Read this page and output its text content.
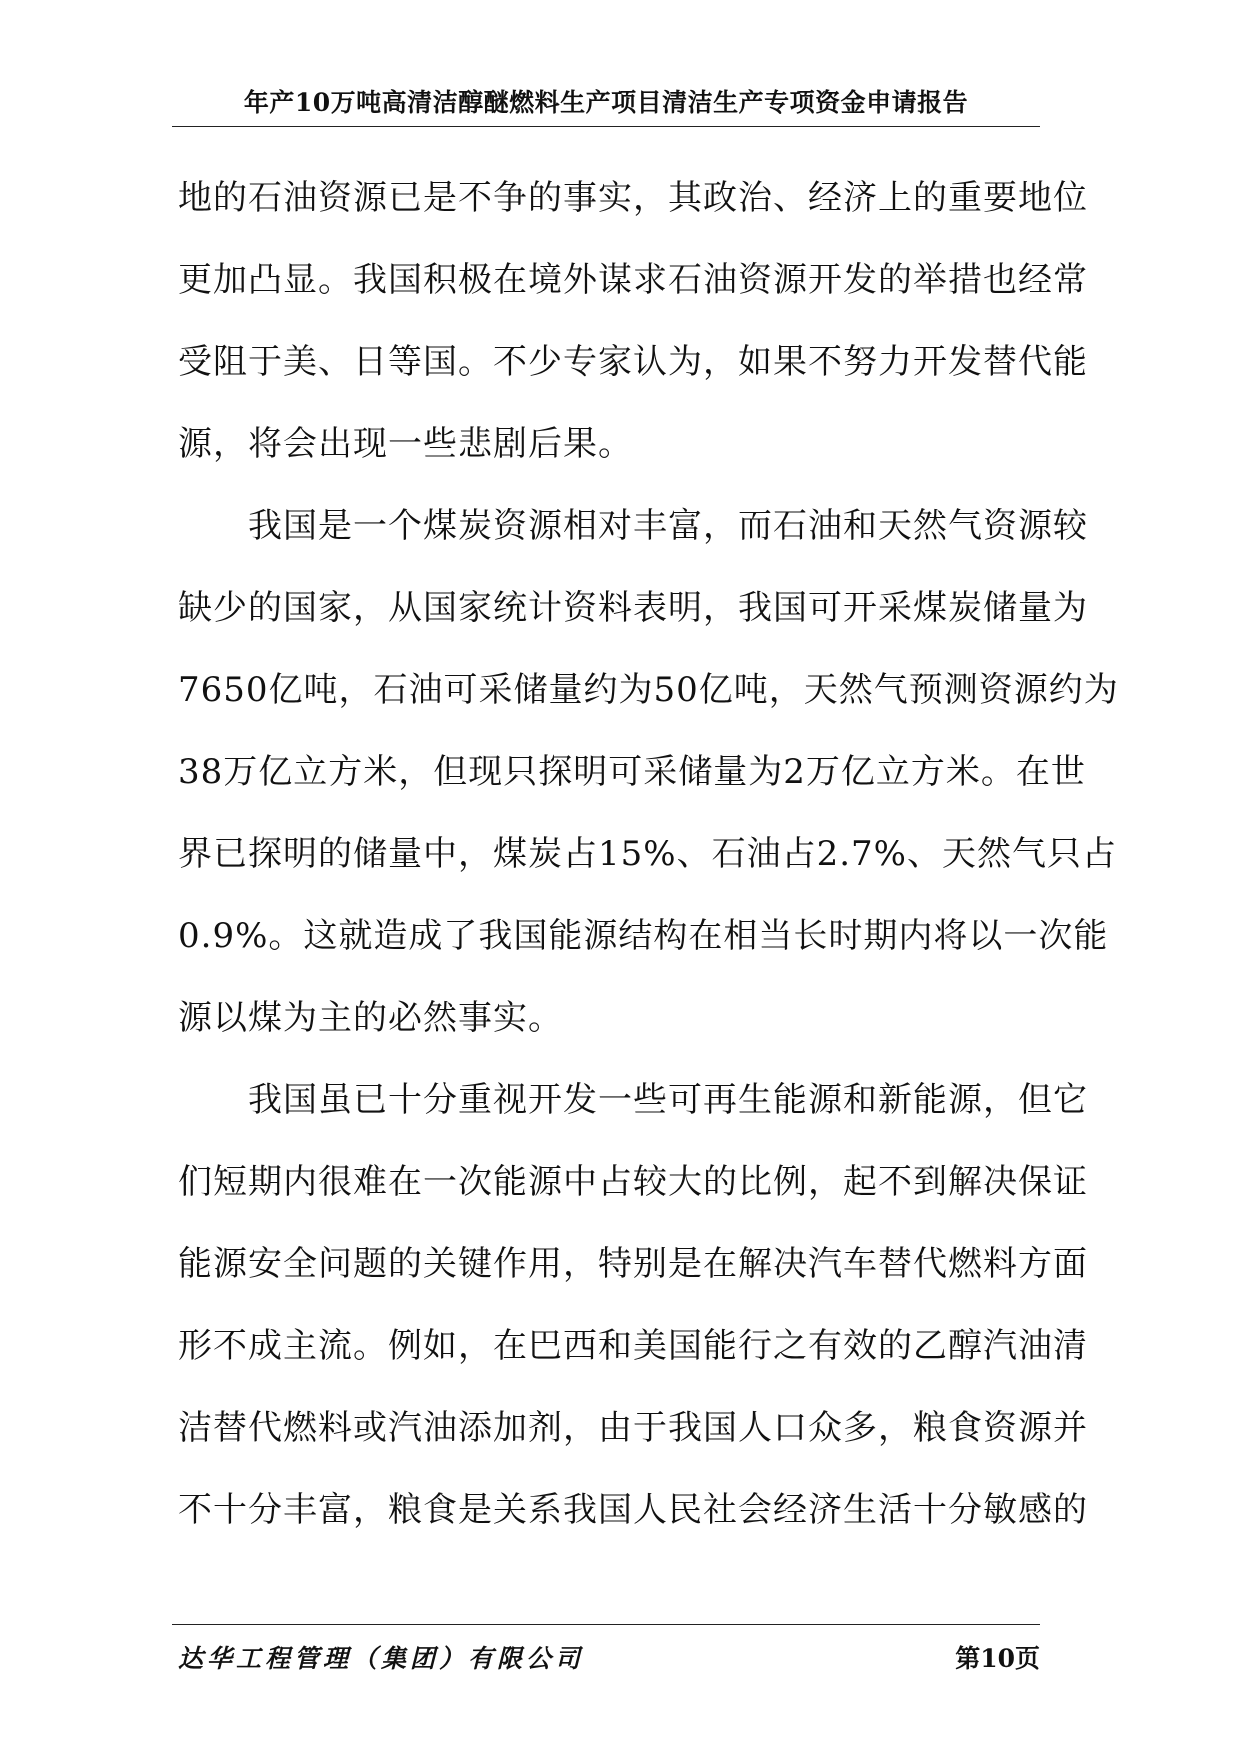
年产10万吨高清洁醇醚燃料生产项目清洁生产专项资金申请报告
地的石油资源已是不争的事实，其政治、经济上的重要地位
更加凸显。我国积极在境外谋求石油资源开发的举措也经常
受阻于美、日等国。不少专家认为，如果不努力开发替代能
源，将会出现一些悲剧后果。
　　我国是一个煤炭资源相对丰富，而石油和天然气资源较
缺少的国家，从国家统计资料表明，我国可开采煤炭储量为
7650亿吨，石油可采储量约为50亿吨，天然气预测资源约为
38万亿立方米，但现只探明可采储量为2万亿立方米。在世
界已探明的储量中，煤炭占15%、石油占2.7%、天然气只占
0.9%。这就造成了我国能源结构在相当长时期内将以一次能
源以煤为主的必然事实。
　　我国虽已十分重视开发一些可再生能源和新能源，但它
们短期内很难在一次能源中占较大的比例，起不到解决保证
能源安全问题的关键作用，特别是在解决汽车替代燃料方面
形不成主流。例如，在巴西和美国能行之有效的乙醇汽油清
洁替代燃料或汽油添加剂，由于我国人口众多，粮食资源并
不十分丰富，粮食是关系我国人民社会经济生活十分敏感的
达华工程管理（集团）有限公司	第10页
